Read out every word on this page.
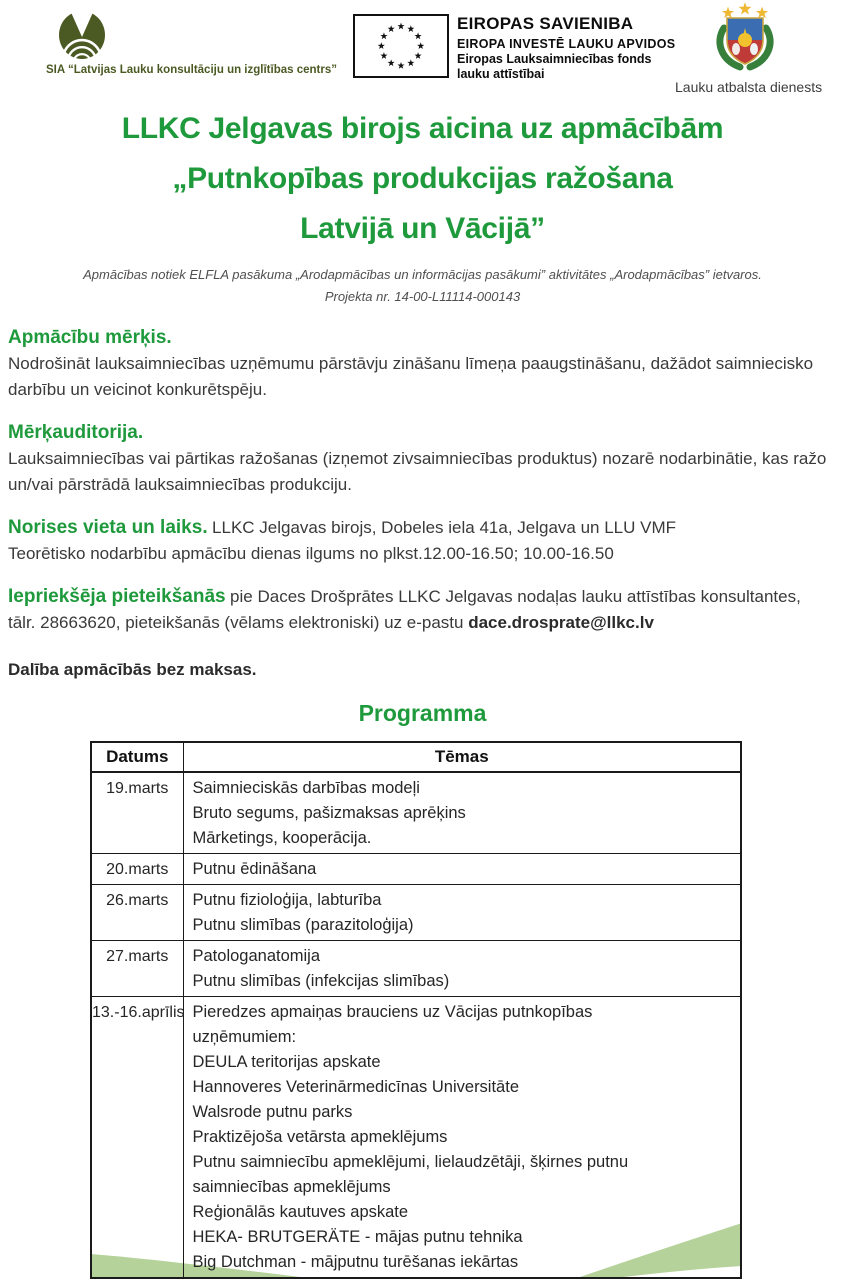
SIA “Latvijas Lauku konsultāciju un izglītības centrs”
EIROPAS SAVIENIBA
EIROPA INVESTĒ LAUKU APVIDOS
Eiropas Lauksaimniecības fonds lauku attīstībai
Lauku atbalsta dienests
LLKC Jelgavas birojs aicina uz apmācībām
„Putnkopības produkcijas ražošana
Latvijā un Vācijā”
Apmācības notiek ELFLA pasākuma „Arodapmācības un informācijas pasākumi” aktivitātes „Arodapmācības” ietvaros.
Projekta nr. 14-00-L11114-000143
Apmācību mērķis.
Nodrošināt lauksaimniecības uzņēmumu pārstāvju zināšanu līmeņa paaugstināšanu, dažādot saimniecisko
darbību un veicinot konkurētspēju.
Mērķauditorija.
Lauksaimniecības vai pārtikas ražošanas (izņemot zivsaimniecības produktus) nozarē nodarbinātie, kas ražo
un/vai pārstrādā lauksaimniecības produkciju.
Norises vieta un laiks. LLKC Jelgavas birojs, Dobeles iela 41a, Jelgava un LLU VMF
Teorētisko nodarbību apmācību dienas ilgums no plkst.12.00-16.50; 10.00-16.50
Iepriekšēja pieteikšanās pie Daces Drošprātes LLKC Jelgavas nodaļas lauku attīstības konsultantes,
tālr. 28663620, pieteikšanās (vēlams elektroniski) uz e-pastu dace.drosprate@llkc.lv
Dalība apmācībās bez maksas.
Programma
Datums	Tēmas
19.marts	Saimnieciskās darbības modeļi
Bruto segums, pašizmaksas aprēķins
Mārketings, kooperācija.

20.marts	Putnu ēdināšana

26.marts	Putnu fizioloģija, labturība
Putnu slimības (parazitoloģija)

27.marts	Patologanatomija
Putnu slimības (infekcijas slimības)

13.-16.aprīlis	Pieredzes apmaiņas brauciens uz Vācijas putnkopības uzņēmumiem:
DEULA teritorijas apskate
Hannoveres Veterinārmedicīnas Universitāte
Walsrode putnu parks
Praktizējoša vetārsta apmeklējums
Putnu saimniecību apmeklējumi, lielaudzētāji, šķirnes putnu saimniecības apmeklējums
Reģionālās kautuves apskate
HEKA- BRUTGERÄTE - mājas putnu tehnika
Big Dutchman - mājputnu turēšanas iekārtas
